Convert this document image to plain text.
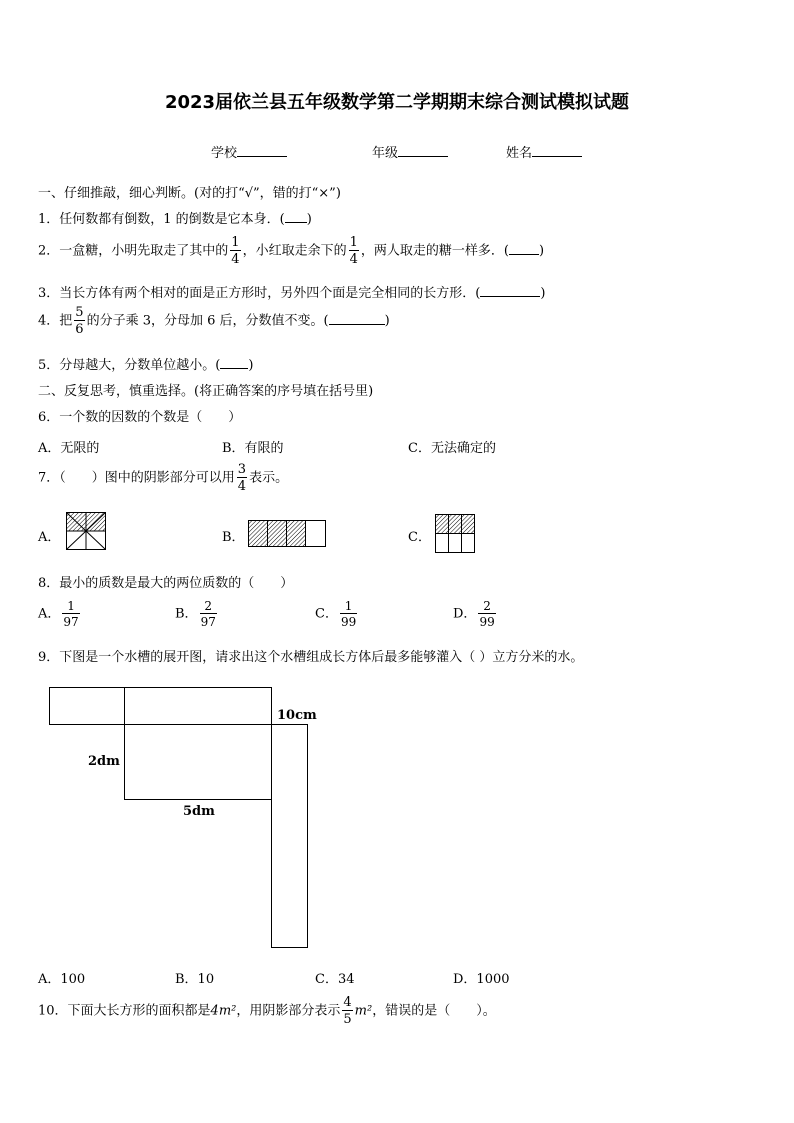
2023届依兰县五年级数学第二学期期末综合测试模拟试题
学校	年级	姓名
一、仔细推敲，细心判断。(对的打“√”，错的打“×”)
1．任何数都有倒数，1 的倒数是它本身．( )
2．一盒糖，小明先取走了其中的 $\frac{1}{4}$ ，小红取走余下的 $\frac{1}{4}$ ，两人取走的糖一样多．( )
3．当长方体有两个相对的面是正方形时，另外四个面是完全相同的长方形．(	)
4．把 $\frac{5}{6}$ 的分子乘 3，分母加 6 后，分数值不变。(	)
5．分母越大，分数单位越小。( )
二、反复思考，慎重选择。(将正确答案的序号填在括号里)
6．一个数的因数的个数是（　　）
A．无限的	B．有限的	C．无法确定的
7．（　　）图中的阴影部分可以用 $\frac{3}{4}$ 表示。
A．	B．	C．
8．最小的质数是最大的两位质数的（　　）
A． $\frac{1}{97}$	B． $\frac{2}{97}$	C． $\frac{1}{99}$	D． $\frac{2}{99}$
9．下图是一个水槽的展开图，请求出这个水槽组成长方体后最多能够灌入（ ）立方分米的水。
10cm
2dm
5dm
A．100	B．10	C．34	D．1000
10．下面大长方形的面积都是4m²，用阴影部分表示 $\frac{4}{5} m^2$，错误的是（　　）。
